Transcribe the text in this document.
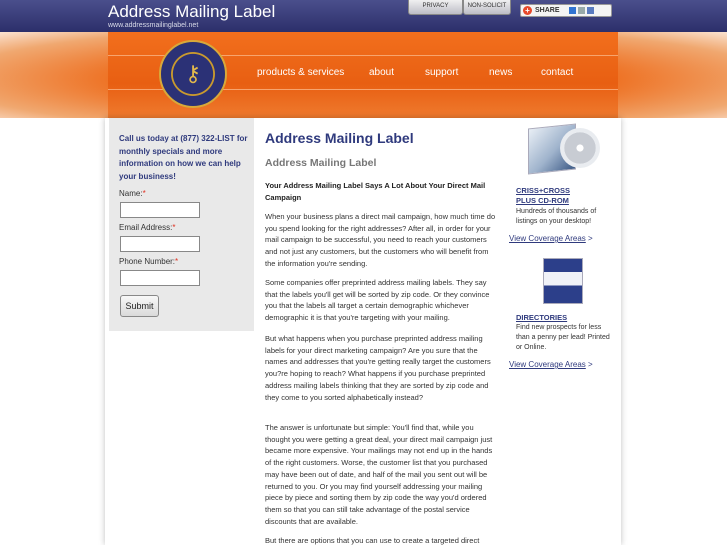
Address Mailing Label
www.addressmailinglabel.net
PRIVACY	NON-SOLICIT	+ SHARE
⚷	products & services about	support	news	contact
Call us today at (877) 322-LIST for monthly specials and more information on how we can help your business!
Name:*
Email Address:*
Phone Number:*
Submit
Address Mailing Label
Address Mailing Label
Your Address Mailing Label Says A Lot About Your Direct Mail Campaign
When your business plans a direct mail campaign, how much time do you spend looking for the right addresses? After all, in order for your mail campaign to be successful, you need to reach your customers and not just any customers, but the customers who will benefit from the information you're sending.
Some companies offer preprinted address mailing labels. They say that the labels you'll get will be sorted by zip code. Or they convince you that the labels all target a certain demographic whichever demographic it is that you're targeting with your mailing.
But what happens when you purchase preprinted address mailing labels for your direct marketing campaign? Are you sure that the names and addresses that you're getting really target the customers you?re hoping to reach? What happens if you purchase preprinted address mailing labels thinking that they are sorted by zip code and they come to you sorted alphabetically instead?
The answer is unfortunate but simple: You'll find that, while you thought you were getting a great deal, your direct mail campaign just became more expensive. Your mailings may not end up in the hands of the right customers. Worse, the customer list that you purchased may have been out of date, and half of the mail you sent out will be returned to you. Or you may find yourself addressing your mailing piece by piece and sorting them by zip code the way you'd ordered them so that you can still take advantage of the postal service discounts that are available.
But there are options that you can use to create a targeted direct
CRISS+CROSS
PLUS CD-ROM
Hundreds of thousands of listings on your desktop!
View Coverage Areas >
DIRECTORIES
Find new prospects for less than a penny per lead! Printed or Online.
View Coverage Areas >
